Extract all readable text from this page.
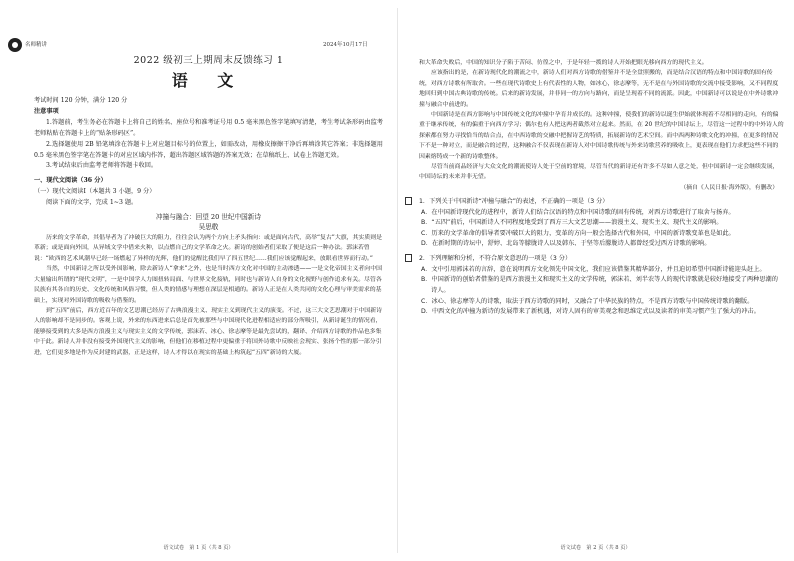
名师精讲	2024年10月17日
2022 级初三上期周末反馈练习 1
语 文
考试时间 120 分钟，满分 120 分
注意事项
1.答题前，考生务必在答题卡上将自己的姓名、座位号和准考证号用 0.5 毫米黑色签字笔填写清楚，考生考试条形码由监考老师粘贴在答题卡上的“贴条形码区”。
2.选择题使用 2B 铅笔填涂在答题卡上对应题目标号的位置上，如需改动，用橡皮擦擦干净后再填涂其它答案；非选择题用 0.5 毫米黑色签字笔在答题卡的对应区域内作答，超出答题区域答题的答案无效；在草稿纸上、试卷上答题无效。
3.考试结束后由监考老师将答题卡收回。
一、现代文阅读（36 分）
（一）现代文阅读Ⅰ（本题共 3 小题，9 分）
阅读下面的文字，完成 1~3 题。
冲撞与融合：回望 20 世纪中国新诗
吴思敬
历来的文学革命，其倡导者为了冲破巨大的阻力，往往会认为两个方向上矛头指向：或是面向古代，高举“复古”大旗，其实质则是革新；或是面向外国，从异域文学中借来火种，以点燃自己的文学革命之火。新诗的创始者们采取了便是这后一种办法。郭沫若曾说：“欧西的艺术风潮早已经一场燃起了异样的光辉，他们的觉醒比我们早了四五世纪……我们应该觉醒起来，放眼看世界而行动。”
当然，中国新诗之所以受外国影响，除去新诗人“拿来”之外，也是当时西方文化对中国的主动渗透——一是文化帝国主义者向中国大量输出所谓的“现代文明”，一是中国学人力图扭转局面、与世界文化接轨，同时也与新诗人自身的文化视野与创作追求有关。尽管各民族有其各自的历史、文化传统和风俗习惯，但人类的情感与理想在深层是相通的。新诗人正是在人类共同的文化心理与审美需求的基础上，实现对外国诗歌的吸收与借鉴的。
到“五四”前后，西方近百年的文艺思潮已经历了古典浪漫主义、现实主义到现代主义的演变。不过，这三大文艺思潮对于中国新诗人的影响却不是同步的。客观上说，外来的东西进来后总是首先被那些与中国现代化进程相适应的部分所吸引，从新诗诞生的情况看，能够接受到的大多是西方浪漫主义与现实主义的文学传统，郭沫若、冰心、徐志摩等是最先尝试的，翻译、介绍西方诗歌的作品也多集中于此。新诗人并非没有接受外国现代主义的影响，但他们在移植过程中更偏重于将国外诗歌中反映社会现实、张扬个性的那一部分引进，它们更多地是作为反封建的武器，正是这样，诗人才得以在现实的基础上构筑起“五四”新诗的大厦。
语文试卷　第 1 页（共 8 页）
和大革命失败后，中国的知识分子陷于苦闷、彷徨之中，于是年轻一拨的诗人开始把眼光移向西方的现代主义。
应该指出的是，在新诗现代化的潮流之中，新诗人们对西方诗歌的借鉴并不是全盘照搬的，而是结合汉语的特点和中国诗歌的固有传统，对西方诗歌有所取舍。一些在现代诗歌史上有代表性的人物，如冰心，徐志摩等，无不是在与外国诗歌的交流中接受影响，又不同程度地回归到中国古典诗歌的传统。后来的新诗发展，并非同一的方向与路向，而是呈现着不同的流派。因此，中国新诗可以说是在中外诗歌冲撞与融合中前进的。
中国新诗是在西方影响与中国传统文化的冲撞中孕育并成长的。这种冲撞，使我们的新诗以诞生伊始就体现着不尽相同的走向，有的偏重于继承传统，有的偏重于向西方学习；偶尔也有人把这两者截然对立起来。然而，在 20 世纪的中国诗坛上，尽管这一过程中的中外诗人的探索都在努力寻找恰当的结合点，在中西诗歌的交融中把握诗艺的特质，拓展新诗的艺术空间。而中西两种诗歌文化的冲撞，在更多的情况下不是一种对立，而是融合的过程，这种融合不仅表现在新诗人对中国诗歌传统与外来诗歌营养的吸收上，更表现在他们力求把这些不同的因素熔铸成一个新的诗歌整体。
尽管当前商品经济与大众文化的潮流使诗人处于空前的窘境，尽管当代的新诗还有许多不尽如人意之处，但中国新诗一定会继续发展，中国诗坛的未来并非无望。
（摘自《人民日报·海外版》，有删改）
1．下列关于中国新诗“冲撞与融合”的表述，不正确的一项是（3 分）
A．在中国新诗现代化的进程中，新诗人们结合汉语的特点和中国诗歌的固有传统，对西方诗歌进行了取舍与扬弃。
B．“五四”前后，中国新诗人不同程度地受到了西方三大文艺思潮——浪漫主义、现实主义、现代主义的影响。
C．历来的文学革命的倡导者要冲破巨大的阻力，变革的方向一般会选择古代和外国，中国的新诗歌变革也是如此。
D．在新时期的诗坛中，舒婷、北岛等朦胧诗人以及韩东、于坚等后朦胧诗人都曾经受过西方诗歌的影响。
2．下列理解和分析，不符合原文意思的一项是（3 分）
A．文中引用郭沫若的言辞，意在说明西方文化领先中国文化，我们应该借鉴其精华部分，并且迫切希望中国新诗能迎头赶上。
B．中国新诗的创始者借鉴的是西方浪漫主义和现实主义的文学传统，郭沫若、刘半农等人的现代诗歌就是较好地接受了两种思潮的诗人。
C．冰心、徐志摩等人的诗歌，取法于西方诗歌的同时，又融合了中华民族的特点，不是西方诗歌与中国传统诗歌的翻版。
D．中西文化的冲撞为新诗的发展带来了新机遇，对诗人固有的审美观念和思维定式以及读者的审美习惯产生了强大的冲击。
语文试卷　第 2 页（共 8 页）
